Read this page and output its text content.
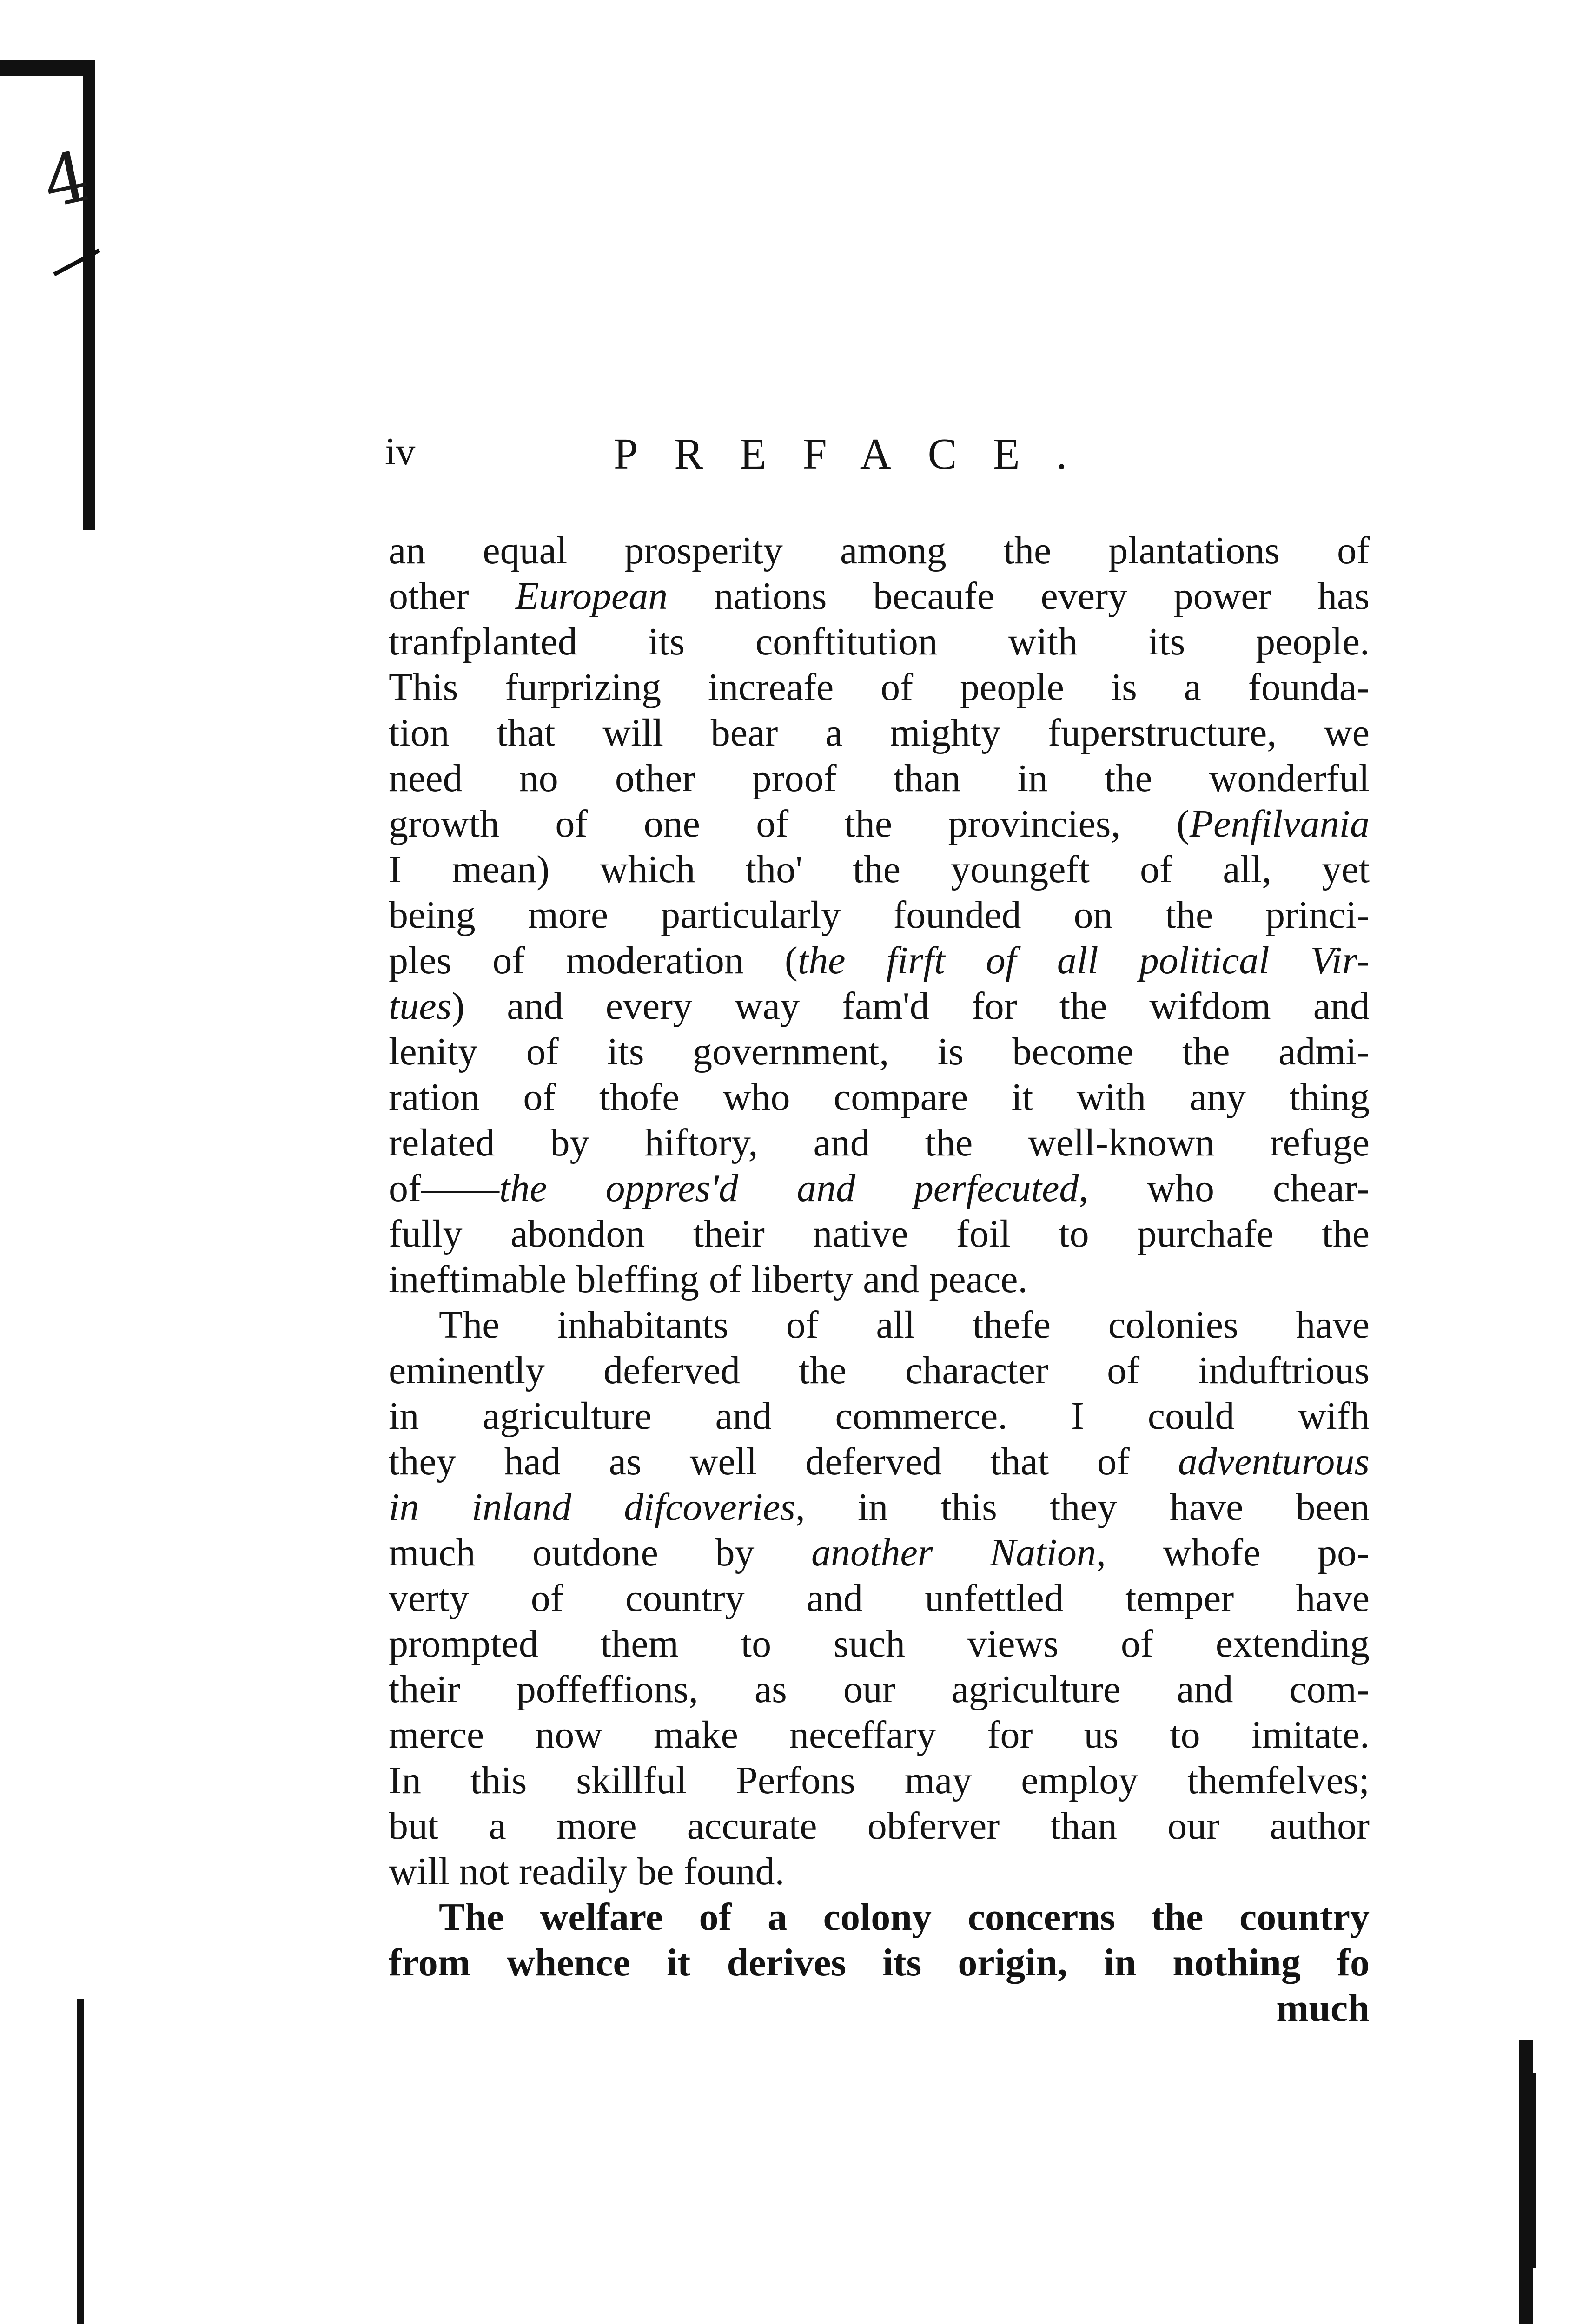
4
iv	PREFACE.
an equal prosperity among the plantations of
other European nations becaufe every power has
tranfplanted its conftitution with its people.
This furprizing increafe of people is a founda-
tion that will bear a mighty fuperstructure, we
need no other proof than in the wonderful
growth of one of the provincies, (Penfilvania
I mean) which tho' the youngeft of all, yet
being more particularly founded on the princi-
ples of moderation (the firft of all political Vir-
tues) and every way fam'd for the wifdom and
lenity of its government, is become the admi-
ration of thofe who compare it with any thing
related by hiftory, and the well-known refuge
of——the oppres'd and perfecuted, who chear-
fully abondon their native foil to purchafe the
ineftimable bleffing of liberty and peace.
The inhabitants of all thefe colonies have
eminently deferved the character of induftrious
in agriculture and commerce. I could wifh
they had as well deferved that of adventurous
in inland difcoveries, in this they have been
much outdone by another Nation, whofe po-
verty of country and unfettled temper have
prompted them to such views of extending
their poffeffions, as our agriculture and com-
merce now make neceffary for us to imitate.
In this skillful Perfons may employ themfelves;
but a more accurate obferver than our author
will not readily be found.
The welfare of a colony concerns the country
from whence it derives its origin, in nothing fo
much
